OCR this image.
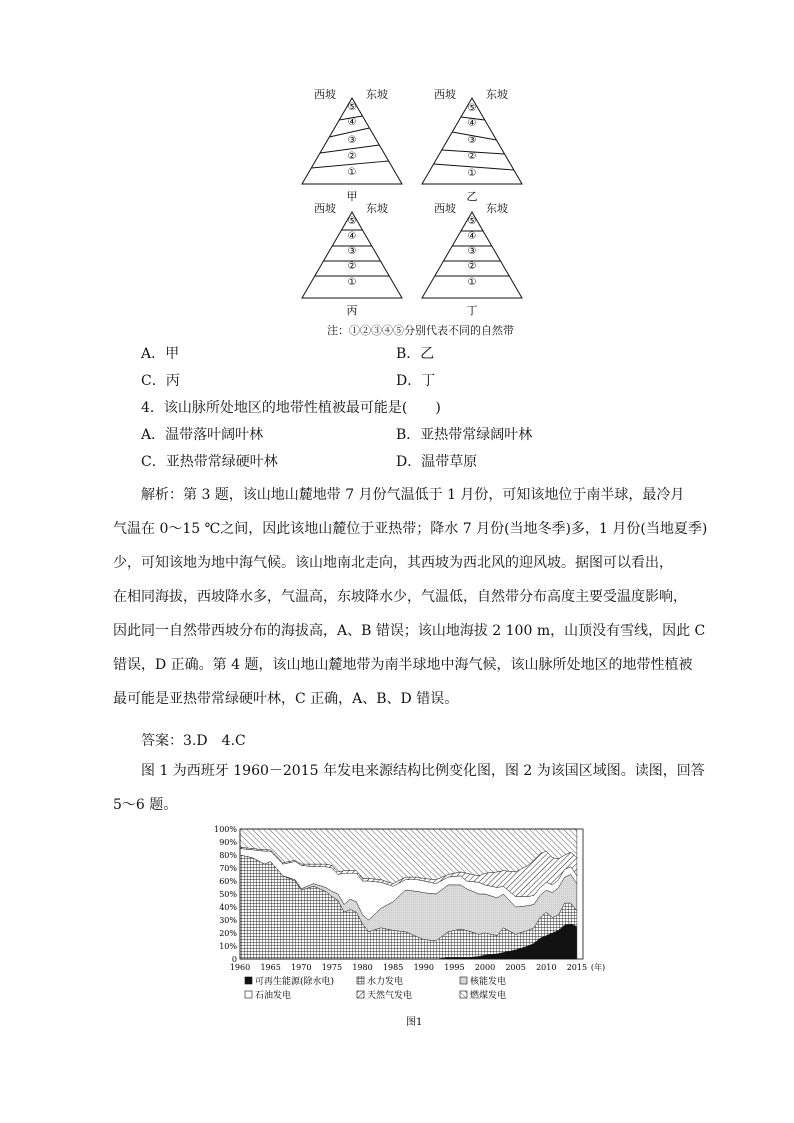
⑤
④
③
②
①
甲
西坡	东坡
⑤
④
③
②
①
乙
西坡	东坡
⑤
④
③
②
①
丙
西坡	东坡
⑤
④
③
②
①
丁
西坡	东坡
注：①②③④⑤分别代表不同的自然带
A．甲	B．乙
C．丙	D．丁
4．该山脉所处地区的地带性植被最可能是(　　)
A．温带落叶阔叶林	B．亚热带常绿阔叶林
C．亚热带常绿硬叶林	D．温带草原
解析：第 3 题，该山地山麓地带 7 月份气温低于 1 月份，可知该地位于南半球，最冷月
气温在 0～15 ℃之间，因此该地山麓位于亚热带；降水 7 月份(当地冬季)多，1 月份(当地夏季)
少，可知该地为地中海气候。该山地南北走向，其西坡为西北风的迎风坡。据图可以看出，
在相同海拔，西坡降水多，气温高，东坡降水少，气温低，自然带分布高度主要受温度影响，
因此同一自然带西坡分布的海拔高，A、B 错误；该山地海拔 2 100 m，山顶没有雪线，因此 C
错误，D 正确。第 4 题，该山地山麓地带为南半球地中海气候，该山脉所处地区的地带性植被
最可能是亚热带常绿硬叶林，C 正确，A、B、D 错误。
答案：3.D　4.C
图 1 为西班牙 1960－2015 年发电来源结构比例变化图，图 2 为该国区域图。读图，回答
5～6 题。
0
10%
20%
30%
40%
50%
60%
70%
80%
90%
100%
1960 1965 1970 1975 1980 1985 1990 1995 2000 2005 2010 2015 (年)
可再生能源(除水电)	水力发电	核能发电
石油发电	天然气发电	燃煤发电
图1
